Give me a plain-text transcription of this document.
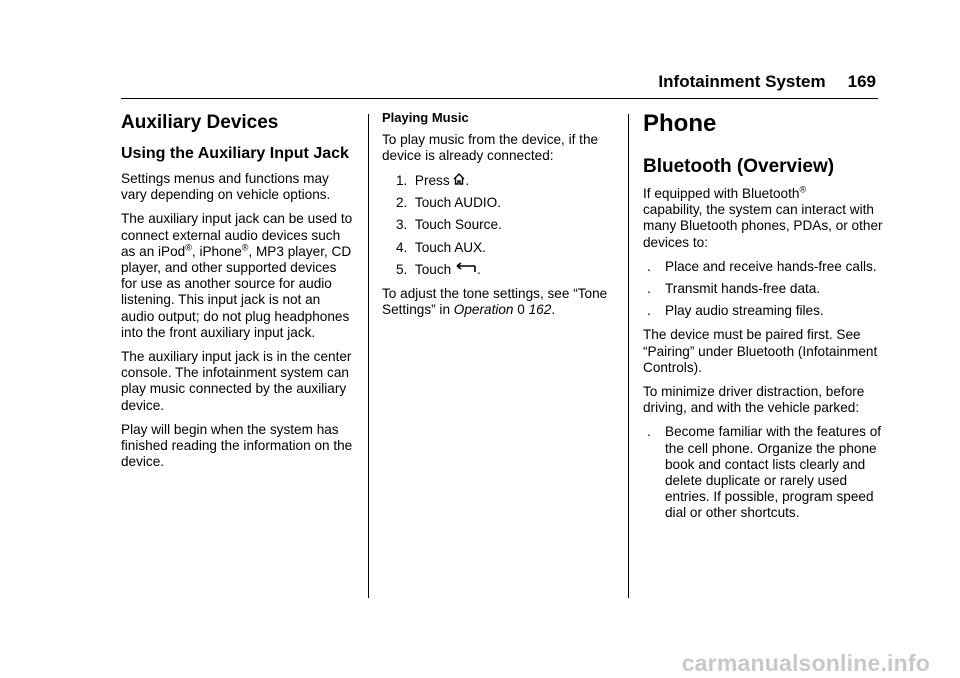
Infotainment System 169
Auxiliary Devices
Using the Auxiliary Input Jack

Settings menus and functions may vary depending on vehicle options.

The auxiliary input jack can be used to connect external audio devices such as an iPod®, iPhone®, MP3 player, CD player, and other supported devices for use as another source for audio listening. This input jack is not an audio output; do not plug headphones into the front auxiliary input jack.

The auxiliary input jack is in the center console. The infotainment system can play music connected by the auxiliary device.

Play will begin when the system has finished reading the information on the device.

Playing Music

To play music from the device, if the device is already connected:

1. Press .
2. Touch AUDIO.
3. Touch Source.
4. Touch AUX.
5. Touch .

To adjust the tone settings, see “Tone Settings” in Operation 0 162.

Phone
Bluetooth (Overview)

If equipped with Bluetooth®
capability, the system can interact with many Bluetooth phones, PDAs, or other devices to:

. Place and receive hands-free calls.
. Transmit hands-free data.
. Play audio streaming files.

The device must be paired first. See “Pairing” under Bluetooth (Infotainment Controls).

To minimize driver distraction, before driving, and with the vehicle parked:

. Become familiar with the features of the cell phone. Organize the phone book and contact lists clearly and delete duplicate or rarely used entries. If possible, program speed dial or other shortcuts.
carmanualsonline.info
